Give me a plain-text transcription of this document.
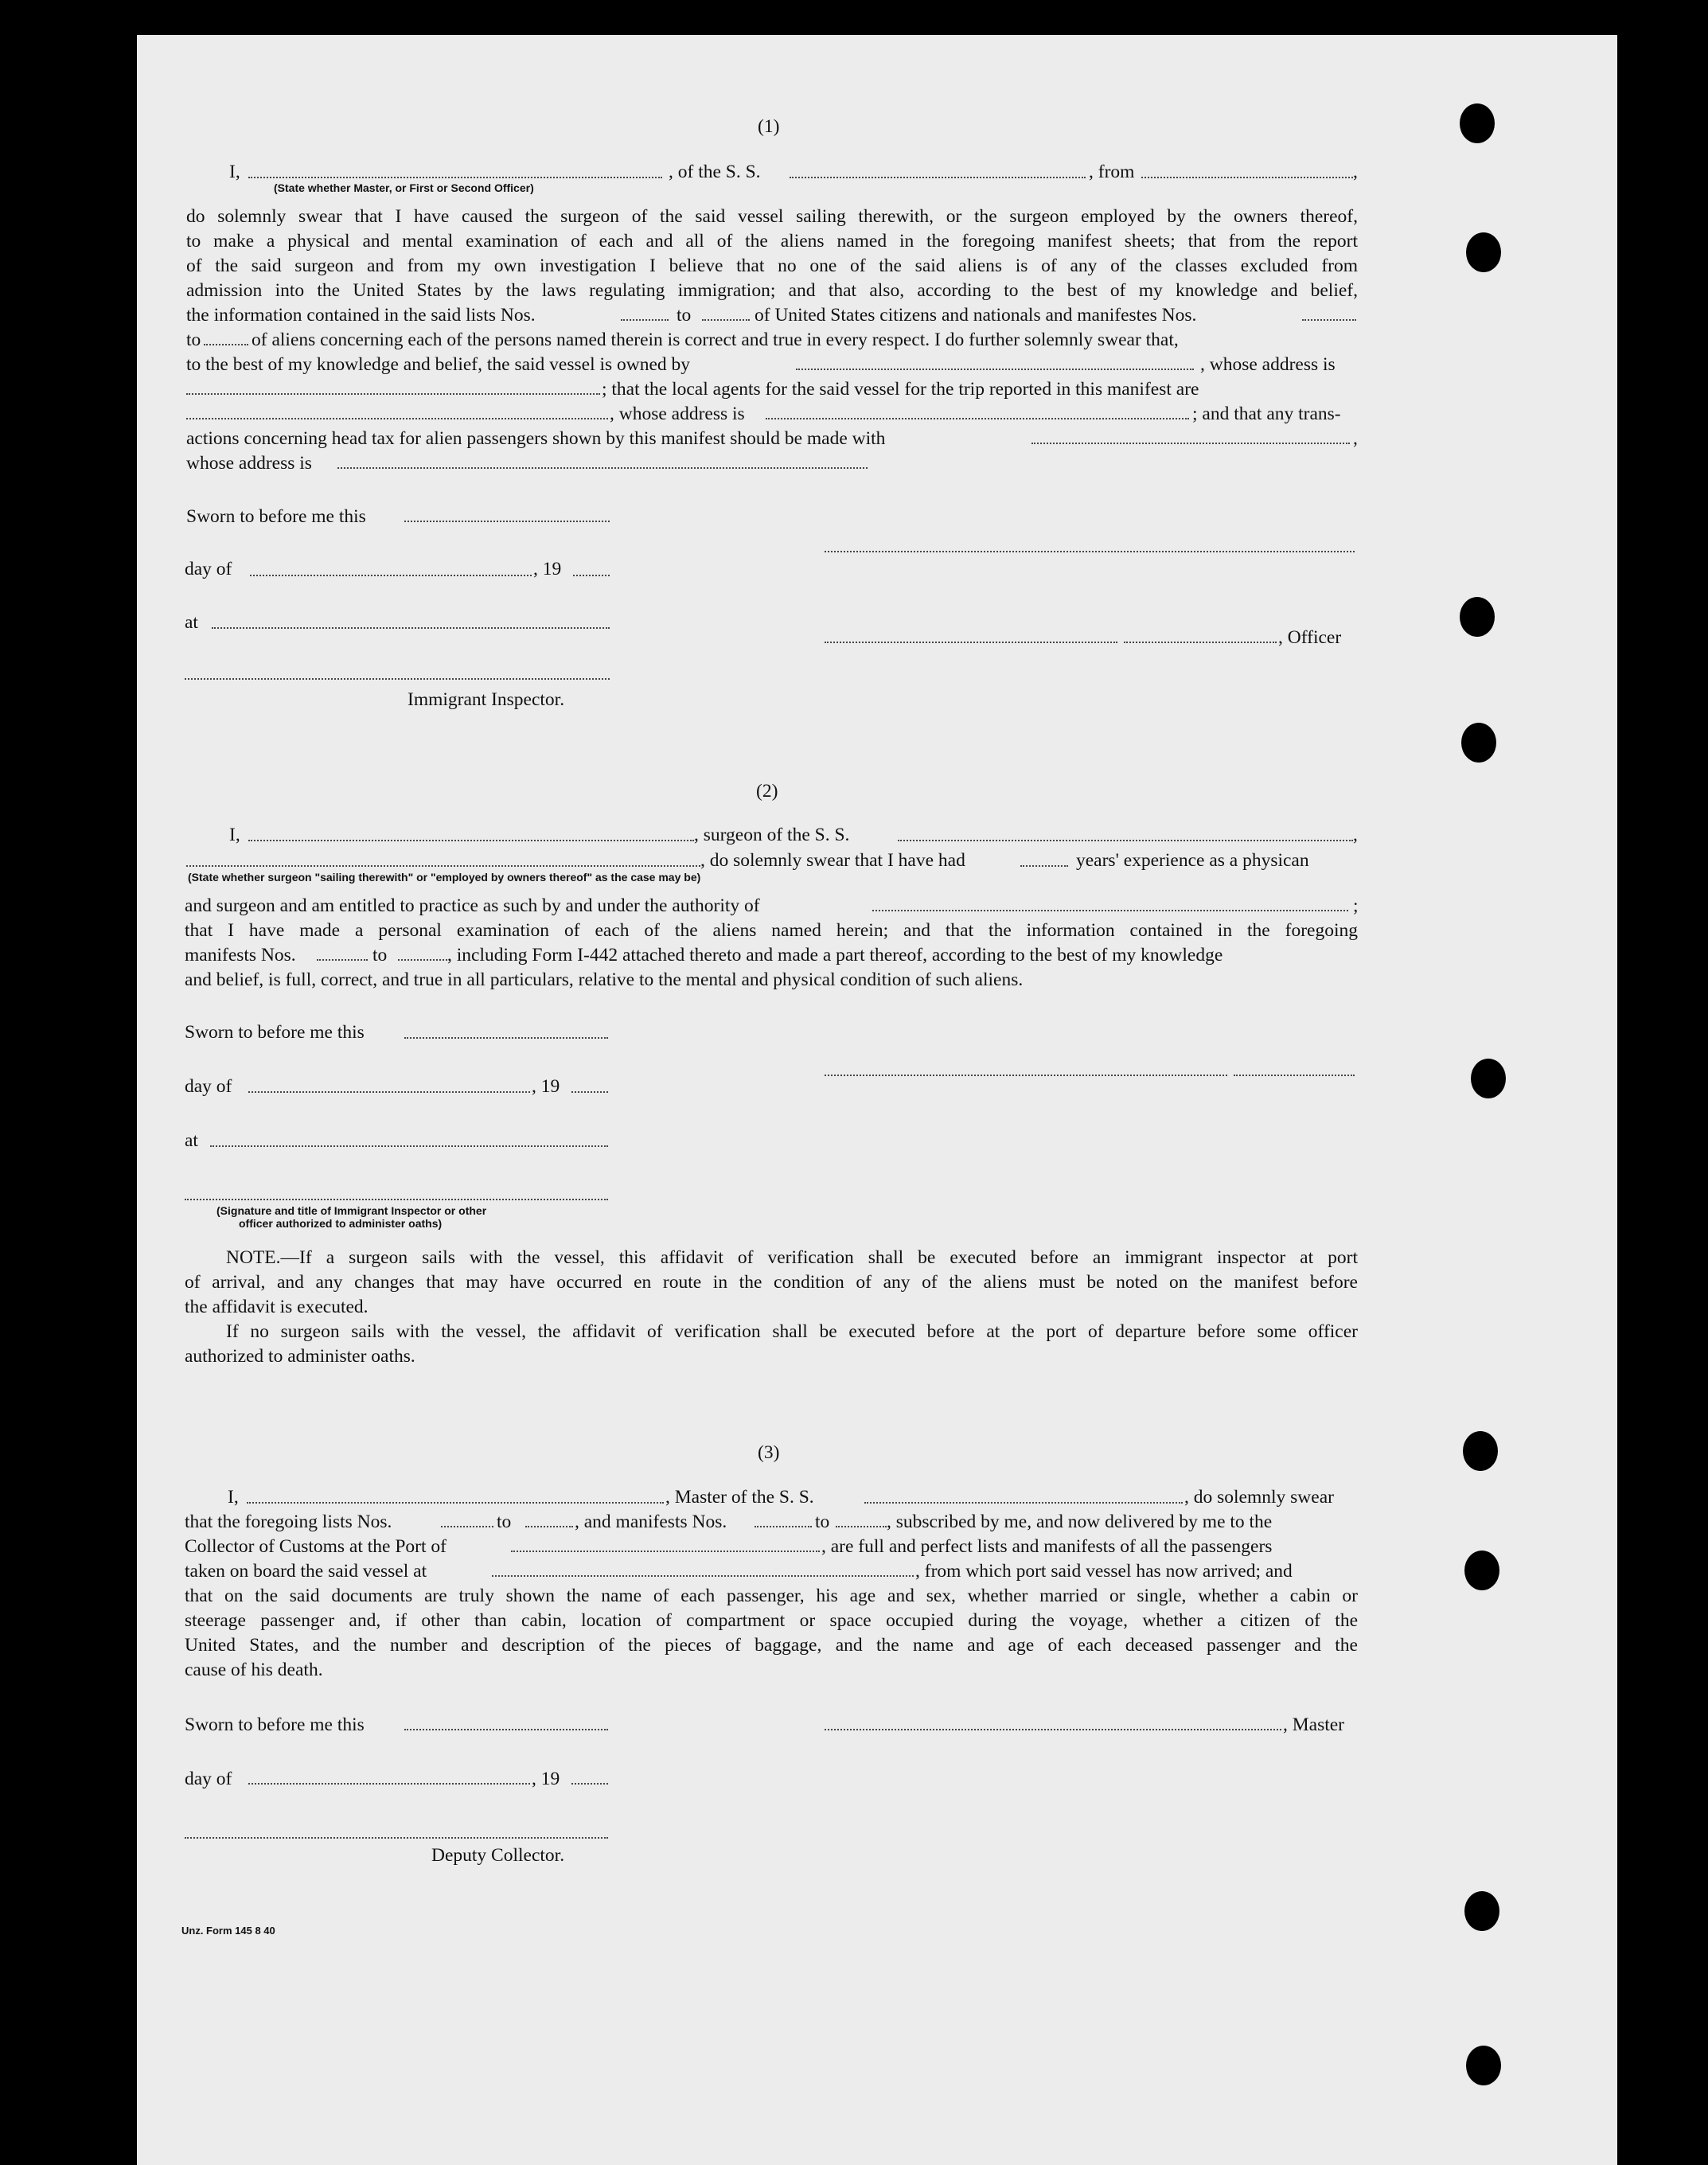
(1)
I,	, of the S. S.	, from	,
(State whether Master, or First or Second Officer)
do solemnly swear that I have caused the surgeon of the said vessel sailing therewith, or the surgeon employed by the owners thereof,
to make a physical and mental examination of each and all of the aliens named in the foregoing manifest sheets; that from the report
of the said surgeon and from my own investigation I believe that no one of the said aliens is of any of the classes excluded from
admission into the United States by the laws regulating immigration; and that also, according to the best of my knowledge and belief,
the information contained in the said lists Nos.	to	of United States citizens and nationals and manifestes Nos.
to	of aliens concerning each of the persons named therein is correct and true in every respect. I do further solemnly swear that,
to the best of my knowledge and belief, the said vessel is owned by	, whose address is
; that the local agents for the said vessel for the trip reported in this manifest are
, whose address is	; and that any trans-
actions concerning head tax for alien passengers shown by this manifest should be made with	,
whose address is
Sworn to before me this
day of	, 19
at
, Officer
Immigrant Inspector.
(2)
I,	, surgeon of the S. S.	,
, do solemnly swear that I have had	years' experience as a physican
(State whether surgeon "sailing therewith" or "employed by owners thereof" as the case may be)
and surgeon and am entitled to practice as such by and under the authority of	;
that I have made a personal examination of each of the aliens named herein; and that the information contained in the foregoing
manifests Nos.	to	, including Form I-442 attached thereto and made a part thereof, according to the best of my knowledge
and belief, is full, correct, and true in all particulars, relative to the mental and physical condition of such aliens.
Sworn to before me this
day of	, 19
at
(Signature and title of Immigrant Inspector or other
officer authorized to administer oaths)
NOTE.—If a surgeon sails with the vessel, this affidavit of verification shall be executed before an immigrant inspector at port
of arrival, and any changes that may have occurred en route in the condition of any of the aliens must be noted on the manifest before
the affidavit is executed.
If no surgeon sails with the vessel, the affidavit of verification shall be executed before at the port of departure before some officer
authorized to administer oaths.
(3)
I,	, Master of the S. S.	, do solemnly swear
that the foregoing lists Nos.	to	, and manifests Nos.	to	, subscribed by me, and now delivered by me to the
Collector of Customs at the Port of	, are full and perfect lists and manifests of all the passengers
taken on board the said vessel at	, from which port said vessel has now arrived; and
that on the said documents are truly shown the name of each passenger, his age and sex, whether married or single, whether a cabin or
steerage passenger and, if other than cabin, location of compartment or space occupied during the voyage, whether a citizen of the
United States, and the number and description of the pieces of baggage, and the name and age of each deceased passenger and the
cause of his death.
Sworn to before me this	, Master
day of	, 19
Deputy Collector.
Unz. Form 145 8 40
